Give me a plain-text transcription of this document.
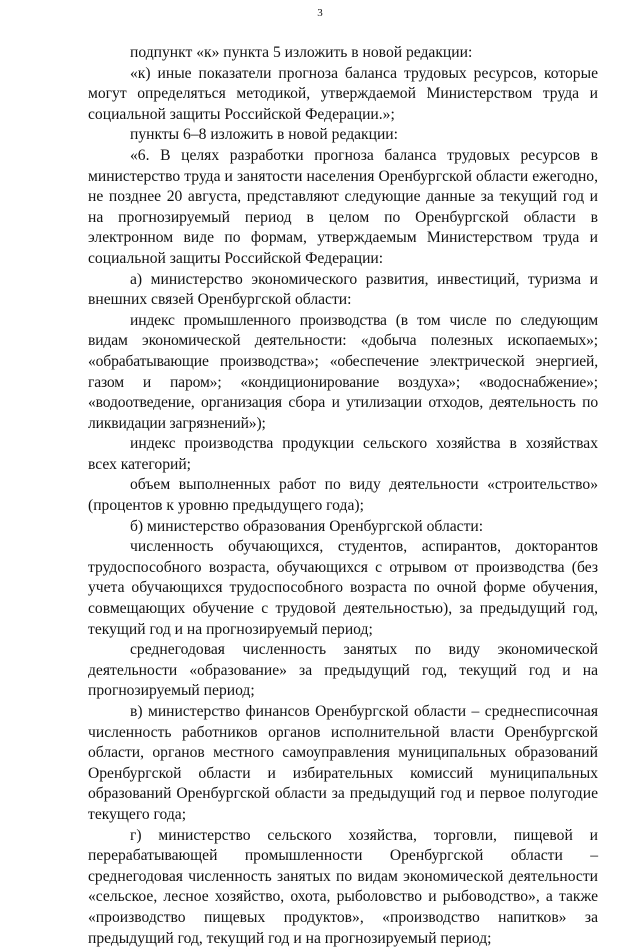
3

подпункт «к» пункта 5 изложить в новой редакции:

«к) иные показатели прогноза баланса трудовых ресурсов, которые могут определяться методикой, утверждаемой Министерством труда и социальной защиты Российской Федерации.»;

пункты 6–8 изложить в новой редакции:

«6. В целях разработки прогноза баланса трудовых ресурсов в министерство труда и занятости населения Оренбургской области ежегодно, не позднее 20 августа, представляют следующие данные за текущий год и на прогнозируемый период в целом по Оренбургской области в электронном виде по формам, утверждаемым Министерством труда и социальной защиты Российской Федерации:

а) министерство экономического развития, инвестиций, туризма и внешних связей Оренбургской области:

индекс промышленного производства (в том числе по следующим видам экономической деятельности: «добыча полезных ископаемых»; «обрабатывающие производства»; «обеспечение электрической энергией, газом и паром»; «кондиционирование воздуха»; «водоснабжение»; «водоотведение, организация сбора и утилизации отходов, деятельность по ликвидации загрязнений»);

индекс производства продукции сельского хозяйства в хозяйствах всех категорий;

объем выполненных работ по виду деятельности «строительство» (процентов к уровню предыдущего года);

б) министерство образования Оренбургской области:

численность обучающихся, студентов, аспирантов, докторантов трудоспособного возраста, обучающихся с отрывом от производства (без учета обучающихся трудоспособного возраста по очной форме обучения, совмещающих обучение с трудовой деятельностью), за предыдущий год, текущий год и на прогнозируемый период;

среднегодовая численность занятых по виду экономической деятельности «образование» за предыдущий год, текущий год и на прогнозируемый период;

в) министерство финансов Оренбургской области – среднесписочная численность работников органов исполнительной власти Оренбургской области, органов местного самоуправления муниципальных образований Оренбургской области и избирательных комиссий муниципальных образований Оренбургской области за предыдущий год и первое полугодие текущего года;

г) министерство сельского хозяйства, торговли, пищевой и перерабатывающей промышленности Оренбургской области – среднегодовая численность занятых по видам экономической деятельности «сельское, лесное хозяйство, охота, рыболовство и рыбоводство», а также «производство пищевых продуктов», «производство напитков» за предыдущий год, текущий год и на прогнозируемый период;
